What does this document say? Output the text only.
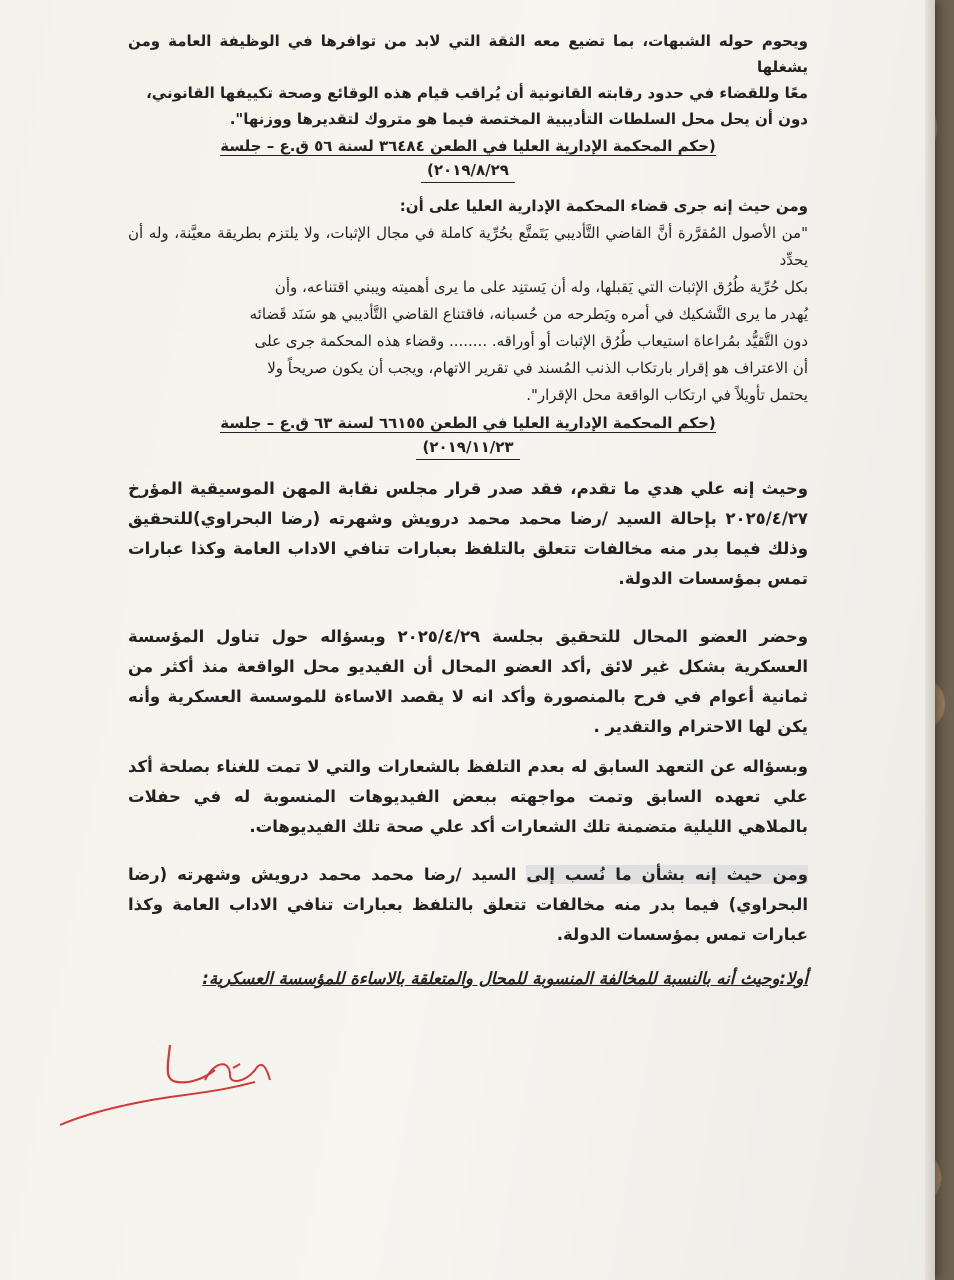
ويحوم حوله الشبهات، بما تضيع معه الثقة التي لابد من توافرها في الوظيفة العامة ومن يشغلها
معًا وللقضاء في حدود رقابته القانونية أن يُراقب قيام هذه الوقائع وصحة تكييفها القانوني،
دون أن يحل محل السلطات التأديبية المختصة فيما هو متروك لتقديرها ووزنها".
(حكم المحكمة الإدارية العليا في الطعن ٣٦٤٨٤ لسنة ٥٦ ق.ع – جلسة
٢٠١٩/٨/٢٩)
ومن حيث إنه جرى قضاء المحكمة الإدارية العليا على أن:
"من الأصول المُقرَّرة أنَّ القاضي التَّأديبي يَتَمتَّع بحُرِّية كاملة في مجال الإثبات، ولا يلتزم بطريقة معيَّنة، وله أن يحدِّد
بكل حُرِّية طُرُق الإثبات التي يَقبلها، وله أن يَستنِد على ما يرى أهميته ويبني اقتناعه، وأن
يُهدر ما يرى التَّشكيك في أمره ويَطرحه من حُسبانه، فاقتناع القاضي التَّأديبي هو سَنَد قَضائه
دون التَّقيُّد بمُراعاة استيعاب طُرُق الإثبات أو أوراقه. ........ وقضاء هذه المحكمة جرى على
أن الاعتراف هو إقرار بارتكاب الذنب المُسند في تقرير الاتهام، ويجب أن يكون صريحاً ولا
يحتمل تأويلاً في ارتكاب الواقعة محل الإقرار".
(حكم المحكمة الإدارية العليا في الطعن ٦٦١٥٥ لسنة ٦٣ ق.ع – جلسة
٢٠١٩/١١/٢٣)

وحيث إنه علي هدي ما تقدم، فقد صدر قرار مجلس نقابة المهن الموسيقية المؤرخ ٢٠٢٥/٤/٢٧ بإحالة السيد /رضا محمد محمد درويش وشهرته (رضا البحراوي)للتحقيق وذلك فيما بدر منه مخالفات تتعلق بالتلفظ بعبارات تنافي الاداب العامة وكذا عبارات تمس بمؤسسات الدولة.

وحضر العضو المحال للتحقيق بجلسة ٢٠٢٥/٤/٢٩ وبسؤاله حول تناول المؤسسة العسكرية بشكل غير لائق ,أكد العضو المحال أن الفيديو محل الواقعة منذ أكثر من ثمانية أعوام في فرح بالمنصورة وأكد انه لا يقصد الاساءة للموسسة العسكرية وأنه يكن لها الاحترام والتقدير .

وبسؤاله عن التعهد السابق له بعدم التلفظ بالشعارات والتي لا تمت للغناء بصلحة أكد علي تعهده السابق وتمت مواجهته ببعض الفيديوهات المنسوبة له في حفلات بالملاهي الليلية متضمنة تلك الشعارات أكد علي صحة تلك الفيديوهات.

ومن حيث إنه بشأن ما نُسب إلى السيد /رضا محمد محمد درويش وشهرته (رضا البحراوي) فيما بدر منه مخالفات تتعلق بالتلفظ بعبارات تنافي الاداب العامة وكذا عبارات تمس بمؤسسات الدولة.

أولا:وحيث أنه بالنسبة للمخالفة المنسوبة للمحال والمتعلقة بالاساءة للمؤسسة العسكرية:
